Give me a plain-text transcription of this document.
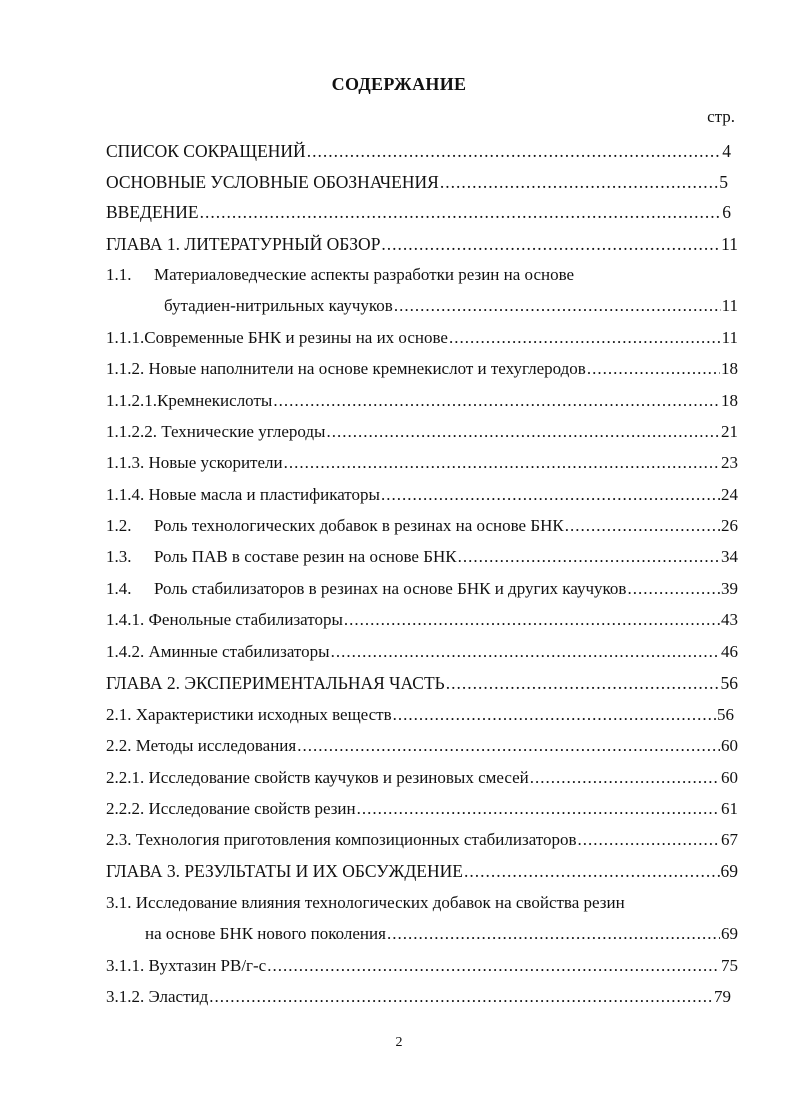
СОДЕРЖАНИЕ
стр.
СПИСОК СОКРАЩЕНИЙ .....	4
ОСНОВНЫЕ УСЛОВНЫЕ ОБОЗНАЧЕНИЯ .....	5
ВВЕДЕНИЕ .....	6
ГЛАВА 1. ЛИТЕРАТУРНЫЙ ОБЗОР .....	11
1.1.	Материаловедческие аспекты разработки резин на основе
бутадиен-нитрильных каучуков .....	11
1.1.1.Современные БНК и резины на их основе .....	11
1.1.2. Новые наполнители на основе кремнекислот и техуглеродов .....	18
1.1.2.1.Кремнекислоты .....	18
1.1.2.2. Технические углероды .....	21
1.1.3. Новые ускорители .....	23
1.1.4. Новые масла и пластификаторы .....	24
1.2.	Роль технологических добавок в резинах на основе БНК .....	26
1.3.	Роль ПАВ в составе резин на основе БНК .....	34
1.4.	Роль стабилизаторов в резинах на основе БНК и других каучуков .....	39
1.4.1. Фенольные стабилизаторы .....	43
1.4.2. Аминные стабилизаторы .....	46
ГЛАВА 2. ЭКСПЕРИМЕНТАЛЬНАЯ ЧАСТЬ .....	56
2.1. Характеристики исходных веществ .....	56
2.2. Методы исследования .....	60
2.2.1. Исследование свойств каучуков и резиновых смесей .....	60
2.2.2. Исследование свойств резин .....	61
2.3. Технология приготовления композиционных стабилизаторов .....	67
ГЛАВА 3. РЕЗУЛЬТАТЫ И ИХ ОБСУЖДЕНИЕ .....	69
3.1. Исследование влияния технологических добавок на свойства резин
на основе БНК нового поколения .....	69
3.1.1. Вухтазин РВ/г-с .....	75
3.1.2. Эластид .....	79
2
